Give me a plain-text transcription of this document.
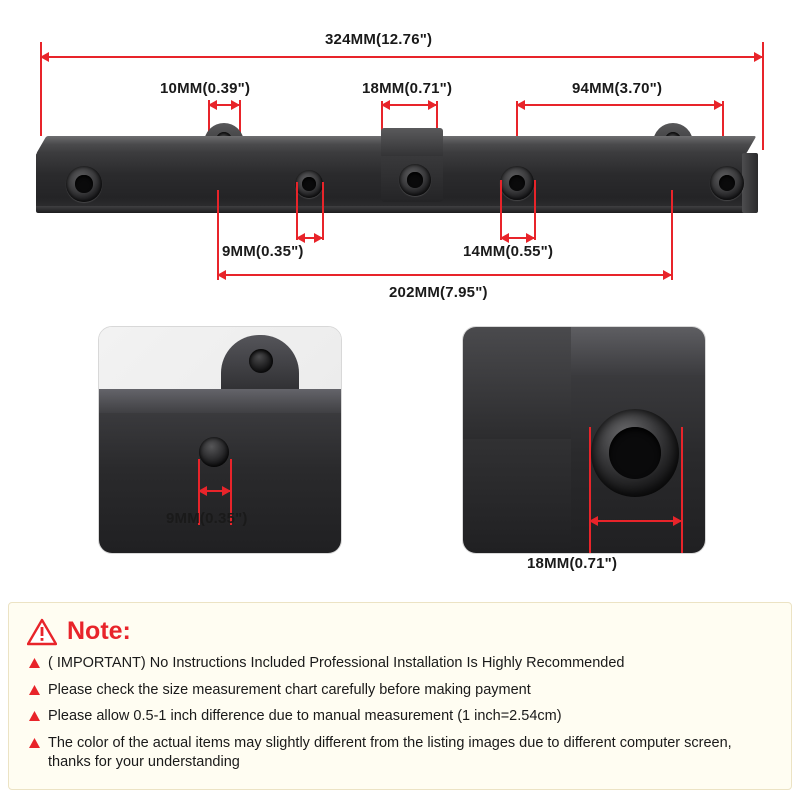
324MM(12.76")
10MM(0.39")	18MM(0.71")	94MM(3.70")
9MM(0.35")	14MM(0.55")
202MM(7.95")
9MM(0.35")
18MM(0.71")
Note:
( IMPORTANT) No Instructions Included Professional Installation Is Highly Recommended
Please check the size measurement chart carefully before making payment
Please allow 0.5-1 inch difference due to manual measurement (1 inch=2.54cm)
The color of the actual items may slightly different from the listing images due to different computer screen, thanks for your understanding
